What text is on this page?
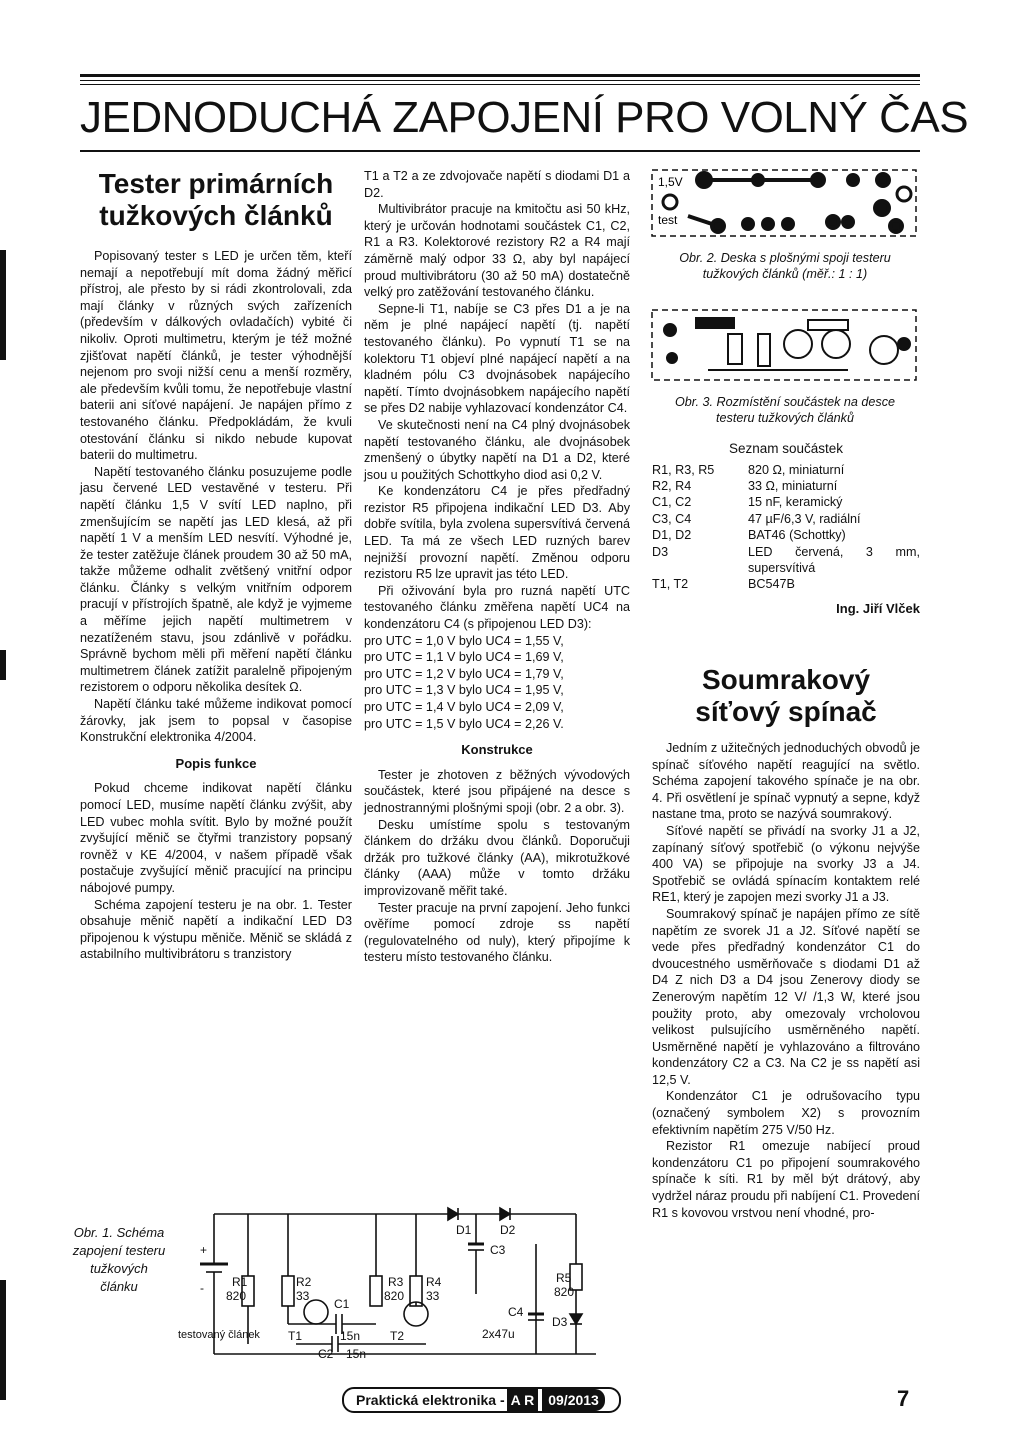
JEDNODUCHÁ ZAPOJENÍ PRO VOLNÝ ČAS
Tester primárních
tužkových článků

Popisovaný tester s LED je určen těm, kteří nemají a nepotřebují mít doma žádný měřicí přístroj, ale přesto by si rádi zkontrolovali, zda mají články v různých svých zařízeních (především v dálkových ovladačích) vybité či nikoliv. Oproti multimetru, kterým je též možné zjišťovat napětí článků, je tester výhodnější nejenom pro svoji nižší cenu a menší rozměry, ale především kvůli tomu, že nepotřebuje vlastní baterii ani síťové napájení. Je napájen přímo z testovaného článku. Předpokládám, že kvuli otestování článku si nikdo nebude kupovat baterii do multimetru.

Napětí testovaného článku posuzujeme podle jasu červené LED vestavěné v testeru. Při napětí článku 1,5 V svítí LED naplno, při zmenšujícím se napětí jas LED klesá, až při napětí 1 V a menším LED nesvítí. Výhodné je, že tester zatěžuje článek proudem 30 až 50 mA, takže můžeme odhalit zvětšený vnitřní odpor článku. Články s velkým vnitřním odporem pracují v přístrojích špatně, ale když je vyjmeme a měříme jejich napětí multimetrem v nezatíženém stavu, jsou zdánlivě v pořádku. Správně bychom měli při měření napětí článku multimetrem článek zatížit paralelně připojeným rezistorem o odporu několika desítek Ω.

Napětí článku také můžeme indikovat pomocí žárovky, jak jsem to popsal v časopise Konstrukční elektronika 4/2004.

Popis funkce

Pokud chceme indikovat napětí článku pomocí LED, musíme napětí článku zvýšit, aby LED vubec mohla svítit. Bylo by možné použít zvyšující měnič se čtyřmi tranzistory popsaný rovněž v KE 4/2004, v našem případě však postačuje zvyšující měnič pracující na principu nábojové pumpy.

Schéma zapojení testeru je na obr. 1. Tester obsahuje měnič napětí a indikační LED D3 připojenou k výstupu měniče. Měnič se skládá z astabilního multivibrátoru s tranzistory

T1 a T2 a ze zdvojovače napětí s diodami D1 a D2.

Multivibrátor pracuje na kmitočtu asi 50 kHz, který je určován hodnotami součástek C1, C2, R1 a R3. Kolektorové rezistory R2 a R4 mají záměrně malý odpor 33 Ω, aby byl napájecí proud multivibrátoru (30 až 50 mA) dostatečně velký pro zatěžování testovaného článku.

Sepne-li T1, nabíje se C3 přes D1 a je na něm je plné napájecí napětí (tj. napětí testovaného článku). Po vypnutí T1 se na kolektoru T1 objeví plné napájecí napětí a na kladném pólu C3 dvojnásobek napájecího napětí. Tímto dvojnásobkem napájecího napětí se přes D2 nabije vyhlazovací kondenzátor C4.

Ve skutečnosti není na C4 plný dvojnásobek napětí testovaného článku, ale dvojnásobek zmenšený o úbytky napětí na D1 a D2, které jsou u použitých Schottkyho diod asi 0,2 V.

Ke kondenzátoru C4 je přes předřadný rezistor R5 připojena indikační LED D3. Aby dobře svítila, byla zvolena supersvítivá červená LED. Ta má ze všech LED ruzných barev nejnižší provozní napětí. Změnou odporu rezistoru R5 lze upravit jas této LED.

Při oživování byla pro ruzná napětí UTC testovaného článku změřena napětí UC4 na kondenzátoru C4 (s připojenou LED D3):

pro UTC = 1,0 V bylo UC4 = 1,55 V,
pro UTC = 1,1 V bylo UC4 = 1,69 V,
pro UTC = 1,2 V bylo UC4 = 1,79 V,
pro UTC = 1,3 V bylo UC4 = 1,95 V,
pro UTC = 1,4 V bylo UC4 = 2,09 V,
pro UTC = 1,5 V bylo UC4 = 2,26 V.
Konstrukce

Tester je zhotoven z běžných vývodových součástek, které jsou připájené na desce s jednostrannými plošnými spoji (obr. 2 a obr. 3).

Desku umístíme spolu s testovaným článkem do držáku dvou článků. Doporučuji držák pro tužkové články (AA), mikrotužkové články (AAA) může v tomto držáku improvizovaně měřit také.

Tester pracuje na první zapojení. Jeho funkci ověříme pomocí zdroje ss napětí (regulovatelného od nuly), který připojíme k testeru místo testovaného článku.

1,5V
test
Obr. 2. Deska s plošnými spoji testeru tužkových článků (měř.: 1 : 1)
Obr. 3. Rozmístění součástek na desce testeru tužkových článků
Seznam součástek
R1, R3, R5	820 Ω, miniaturní
R2, R4	33 Ω, miniaturní
C1, C2	15 nF, keramický
C3, C4	47 µF/6,3 V, radiální
D1, D2	BAT46 (Schottky)
D3	LED červená, 3 mm, supersvítivá
T1, T2	BC547B
Ing. Jiří Vlček
Soumrakový
síťový spínač

Jedním z užitečných jednoduchých obvodů je spínač síťového napětí reagující na světlo. Schéma zapojení takového spínače je na obr. 4. Při osvětlení je spínač vypnutý a sepne, když nastane tma, proto se nazývá soumrakový.

Síťové napětí se přivádí na svorky J1 a J2, zapínaný síťový spotřebič (o výkonu nejvýše 400 VA) se připojuje na svorky J3 a J4. Spotřebič se ovládá spínacím kontaktem relé RE1, který je zapojen mezi svorky J1 a J3.

Soumrakový spínač je napájen přímo ze sítě napětím ze svorek J1 a J2. Síťové napětí se vede přes předřadný kondenzátor C1 do dvoucestného usměrňovače s diodami D1 až D4 Z nich D3 a D4 jsou Zenerovy diody se Zenerovým napětím 12 V/ /1,3 W, které jsou použity proto, aby omezovaly vrcholovou velikost pulsujícího usměrněného napětí. Usměrněné napětí je vyhlazováno a filtrováno kondenzátory C2 a C3. Na C2 je ss napětí asi 12,5 V.

Kondenzátor C1 je odrušovacího typu (označený symbolem X2) s provozním efektivním napětím 275 V/50 Hz.

Rezistor R1 omezuje nabíjecí proud kondenzátoru C1 po připojení soumrakového spínače k síti. R1 by měl být drátový, aby vydržel náraz proudu při nabíjení C1. Provedení R1 s kovovou vrstvou není vhodné, pro-

Obr. 1. Schéma zapojení testeru tužkových článku
+
- R1
820
R2
33
C1
15n
R3
820
R4
33
T1	T2
C2 15n
D1 D2
C3
C4
2x47u
R5
820
D3
testovaný článek
Praktická elektronika - A R	09/2013	7
